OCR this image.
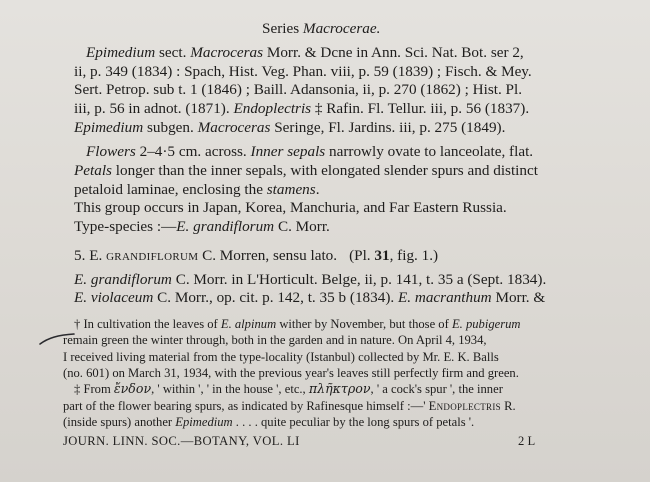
Series Macrocerae.
Epimedium sect. Macroceras Morr. & Dcne in Ann. Sci. Nat. Bot. ser 2,
ii, p. 349 (1834) : Spach, Hist. Veg. Phan. viii, p. 59 (1839) ; Fisch. & Mey.
Sert. Petrop. sub t. 1 (1846) ; Baill. Adansonia, ii, p. 270 (1862) ; Hist. Pl.
iii, p. 56 in adnot. (1871). Endoplectris ‡ Rafin. Fl. Tellur. iii, p. 56 (1837).
Epimedium subgen. Macroceras Seringe, Fl. Jardins. iii, p. 275 (1849).
Flowers 2–4·5 cm. across. Inner sepals narrowly ovate to lanceolate, flat.
Petals longer than the inner sepals, with elongated slender spurs and distinct
petaloid laminae, enclosing the stamens.
This group occurs in Japan, Korea, Manchuria, and Far Eastern Russia.
Type-species :—E. grandiflorum C. Morr.
5. E. grandiflorum C. Morren, sensu lato. (Pl. 31, fig. 1.)
E. grandiflorum C. Morr. in L'Horticult. Belge, ii, p. 141, t. 35 a (Sept. 1834).
E. violaceum C. Morr., op. cit. p. 142, t. 35 b (1834). E. macranthum Morr. &
† In cultivation the leaves of E. alpinum wither by November, but those of E. pubigerum
remain green the winter through, both in the garden and in nature. On April 4, 1934,
I received living material from the type-locality (Istanbul) collected by Mr. E. K. Balls
(no. 601) on March 31, 1934, with the previous year's leaves still perfectly firm and green.
‡ From ἔνδον, ' within ', ' in the house ', etc., πλῆκτρον, ' a cock's spur ', the inner
part of the flower bearing spurs, as indicated by Rafinesque himself :—' Endoplectris R.
(inside spurs) another Epimedium . . . . quite peculiar by the long spurs of petals '.
JOURN. LINN. SOC.—BOTANY, VOL. LI	2 L
